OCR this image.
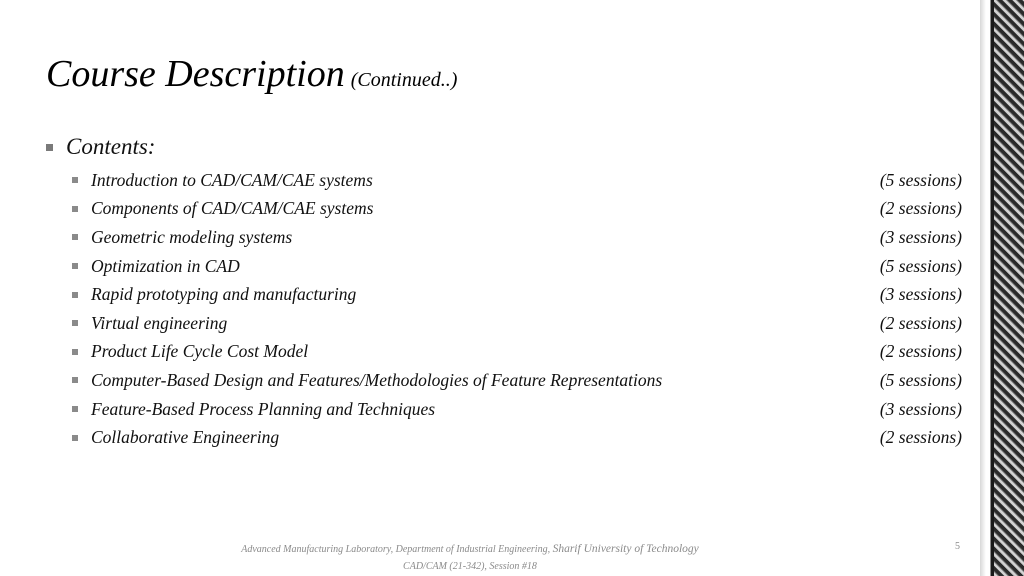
Course Description (Continued..)
Contents:
Introduction to CAD/CAM/CAE systems	(5 sessions)
Components of CAD/CAM/CAE systems	(2 sessions)
Geometric modeling systems	(3 sessions)
Optimization in CAD	(5 sessions)
Rapid prototyping and manufacturing	(3 sessions)
Virtual engineering	(2 sessions)
Product Life Cycle Cost Model	(2 sessions)
Computer-Based Design and Features/Methodologies of Feature Representations	(5 sessions)
Feature-Based Process Planning and Techniques	(3 sessions)
Collaborative Engineering	(2 sessions)
Advanced Manufacturing Laboratory, Department of Industrial Engineering, Sharif University of Technology
CAD/CAM (21-342), Session #18
5
